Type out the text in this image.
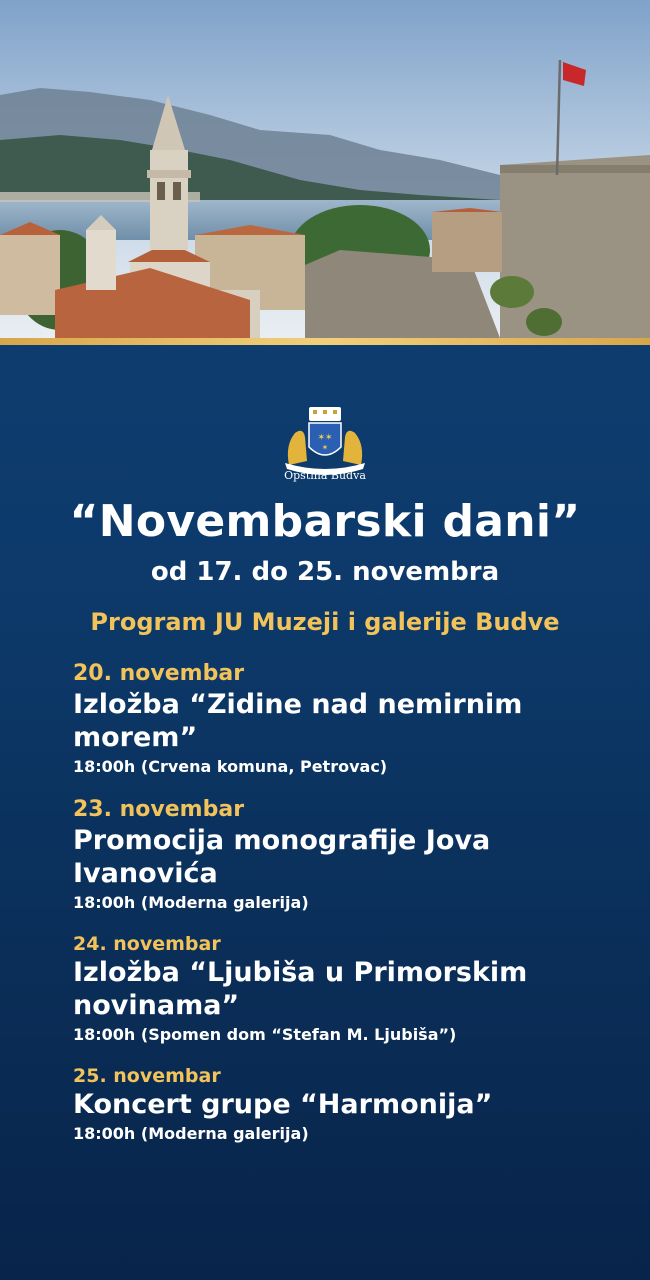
✶✶
✶
Opština Budva
“Novembarski dani”
od 17. do 25. novembra
Program JU Muzeji i galerije Budve
20. novembar
Izložba “Zidine nad nemirnim morem”
18:00h (Crvena komuna, Petrovac)
23. novembar
Promocija monografije Jova Ivanovića
18:00h (Moderna galerija)
24. novembar
Izložba “Ljubiša u Primorskim novinama”
18:00h (Spomen dom “Stefan M. Ljubiša”)
25. novembar
Koncert grupe “Harmonija”
18:00h (Moderna galerija)
